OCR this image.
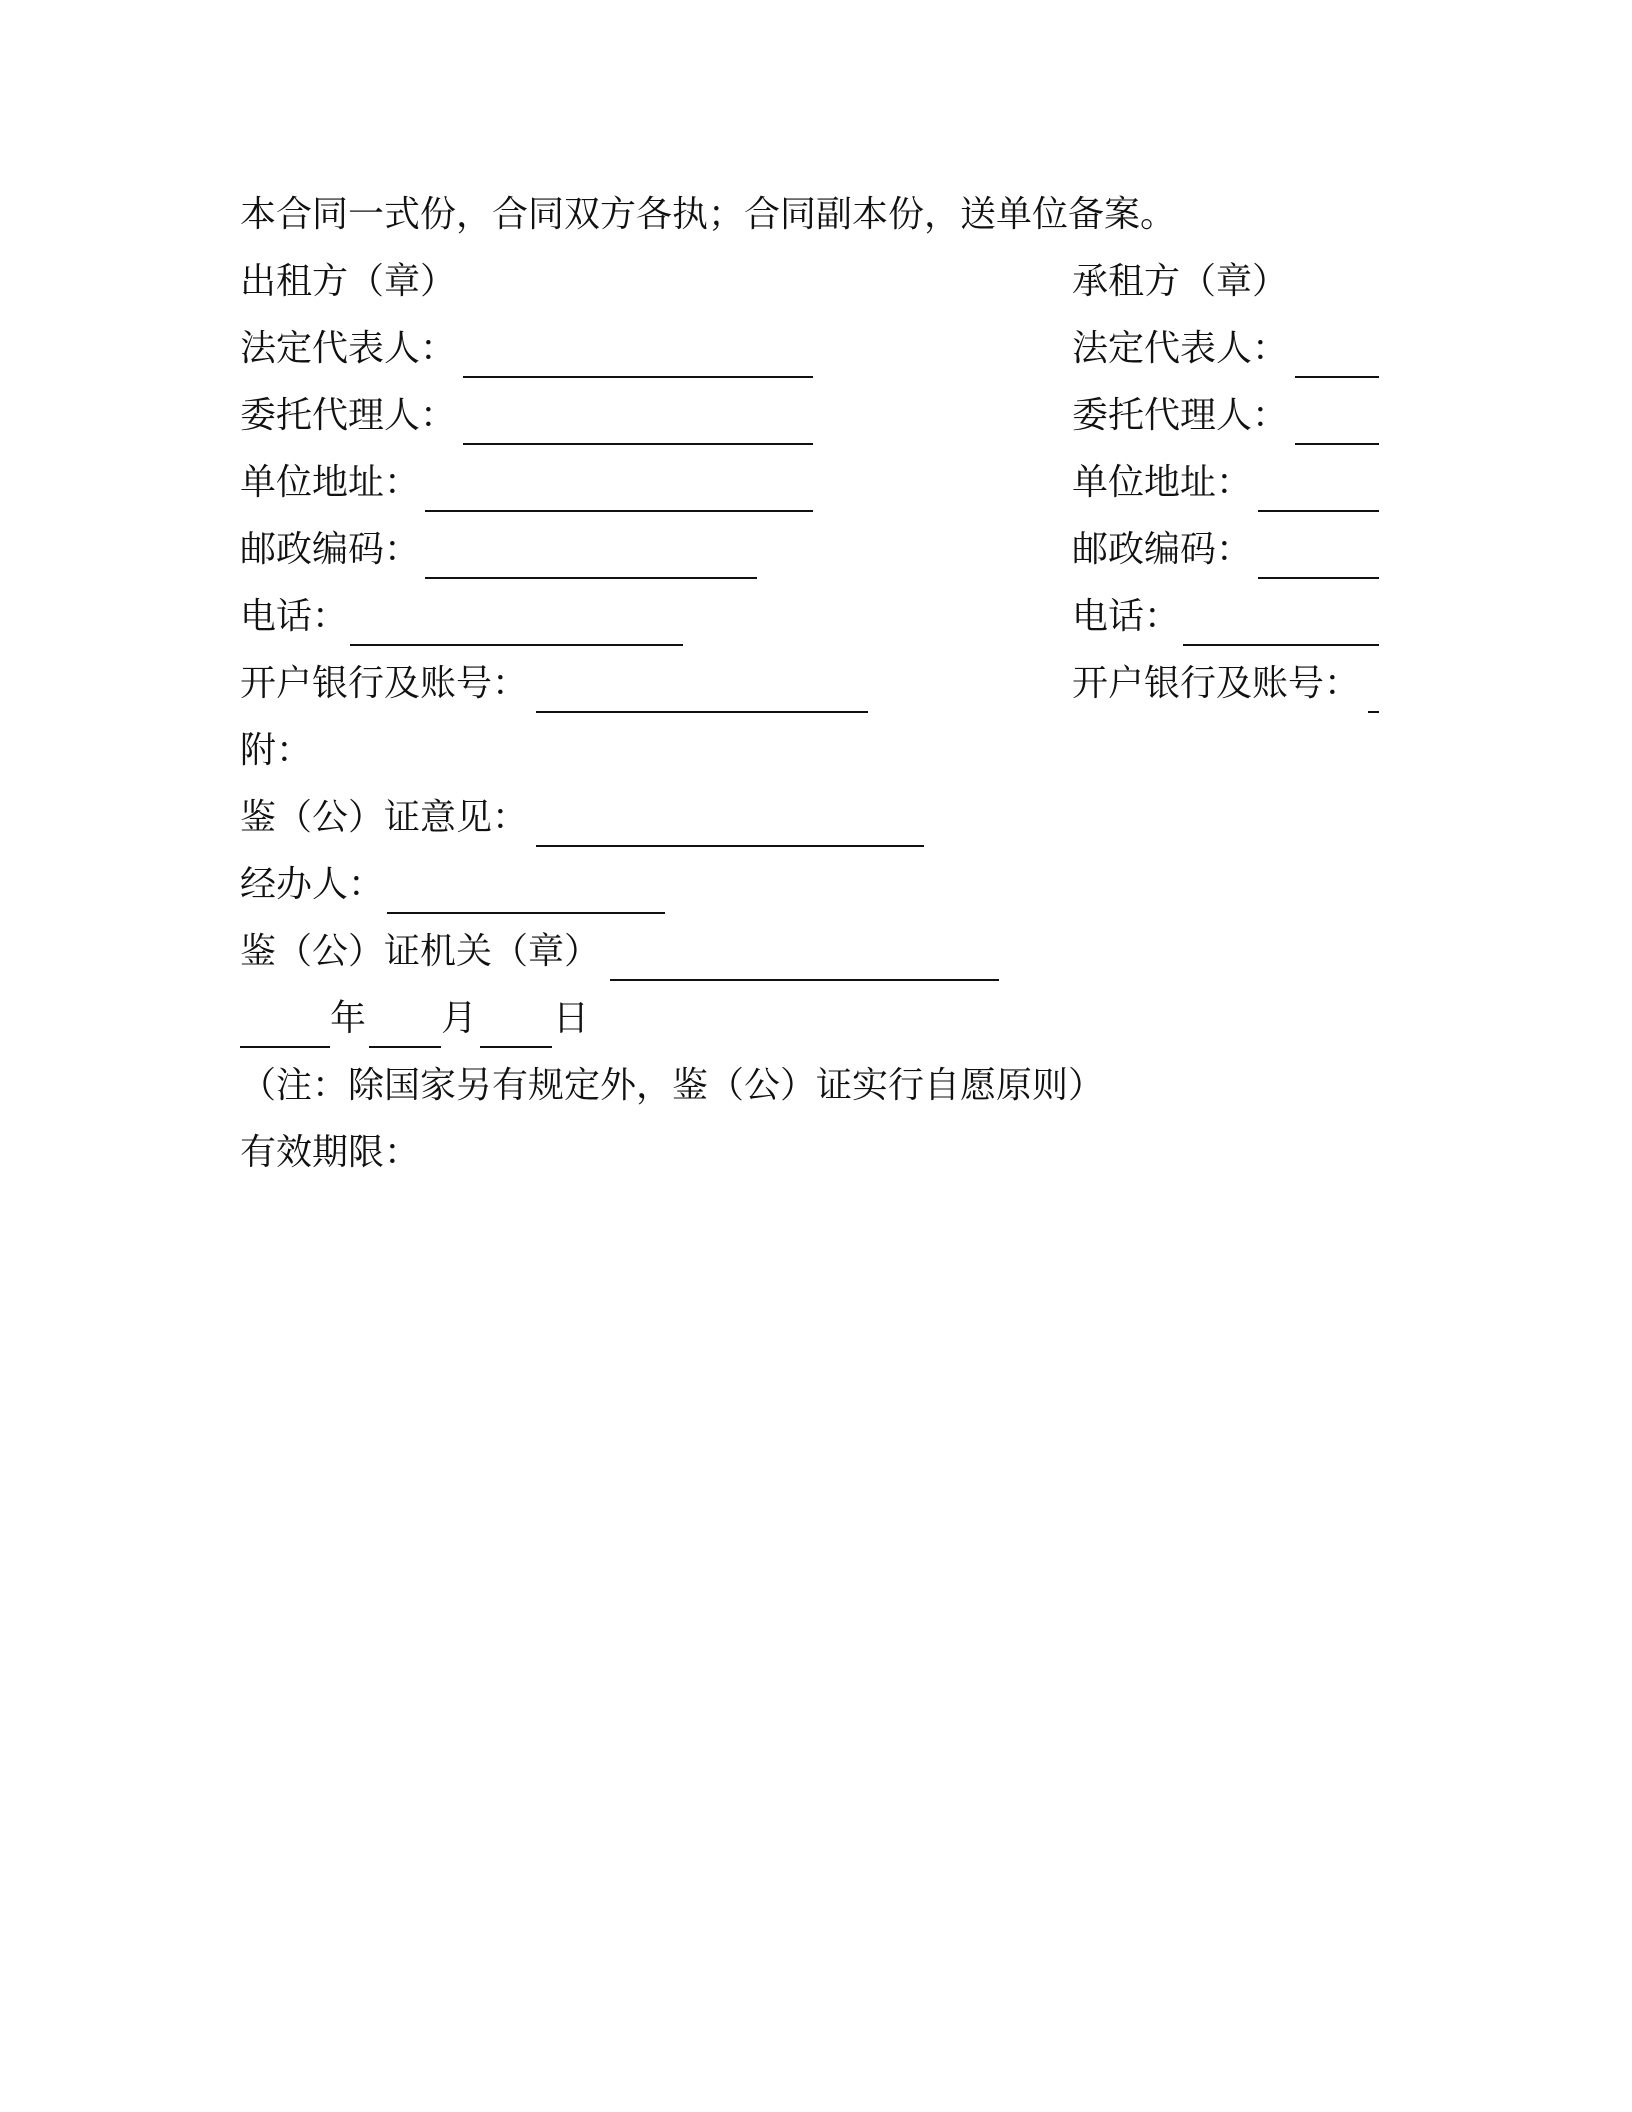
本合同一式份，合同双方各执；合同副本份，送单位备案。
出租方（章）
法定代表人：
委托代理人：
单位地址：
邮政编码：
电话：
开户银行及账号：
承租方（章）
法定代表人：
委托代理人：
单位地址：
邮政编码：
电话：
开户银行及账号：
附：
鉴（公）证意见：
经办人：
鉴（公）证机关（章）
年 月 日
（注：除国家另有规定外，鉴（公）证实行自愿原则）
有效期限：
